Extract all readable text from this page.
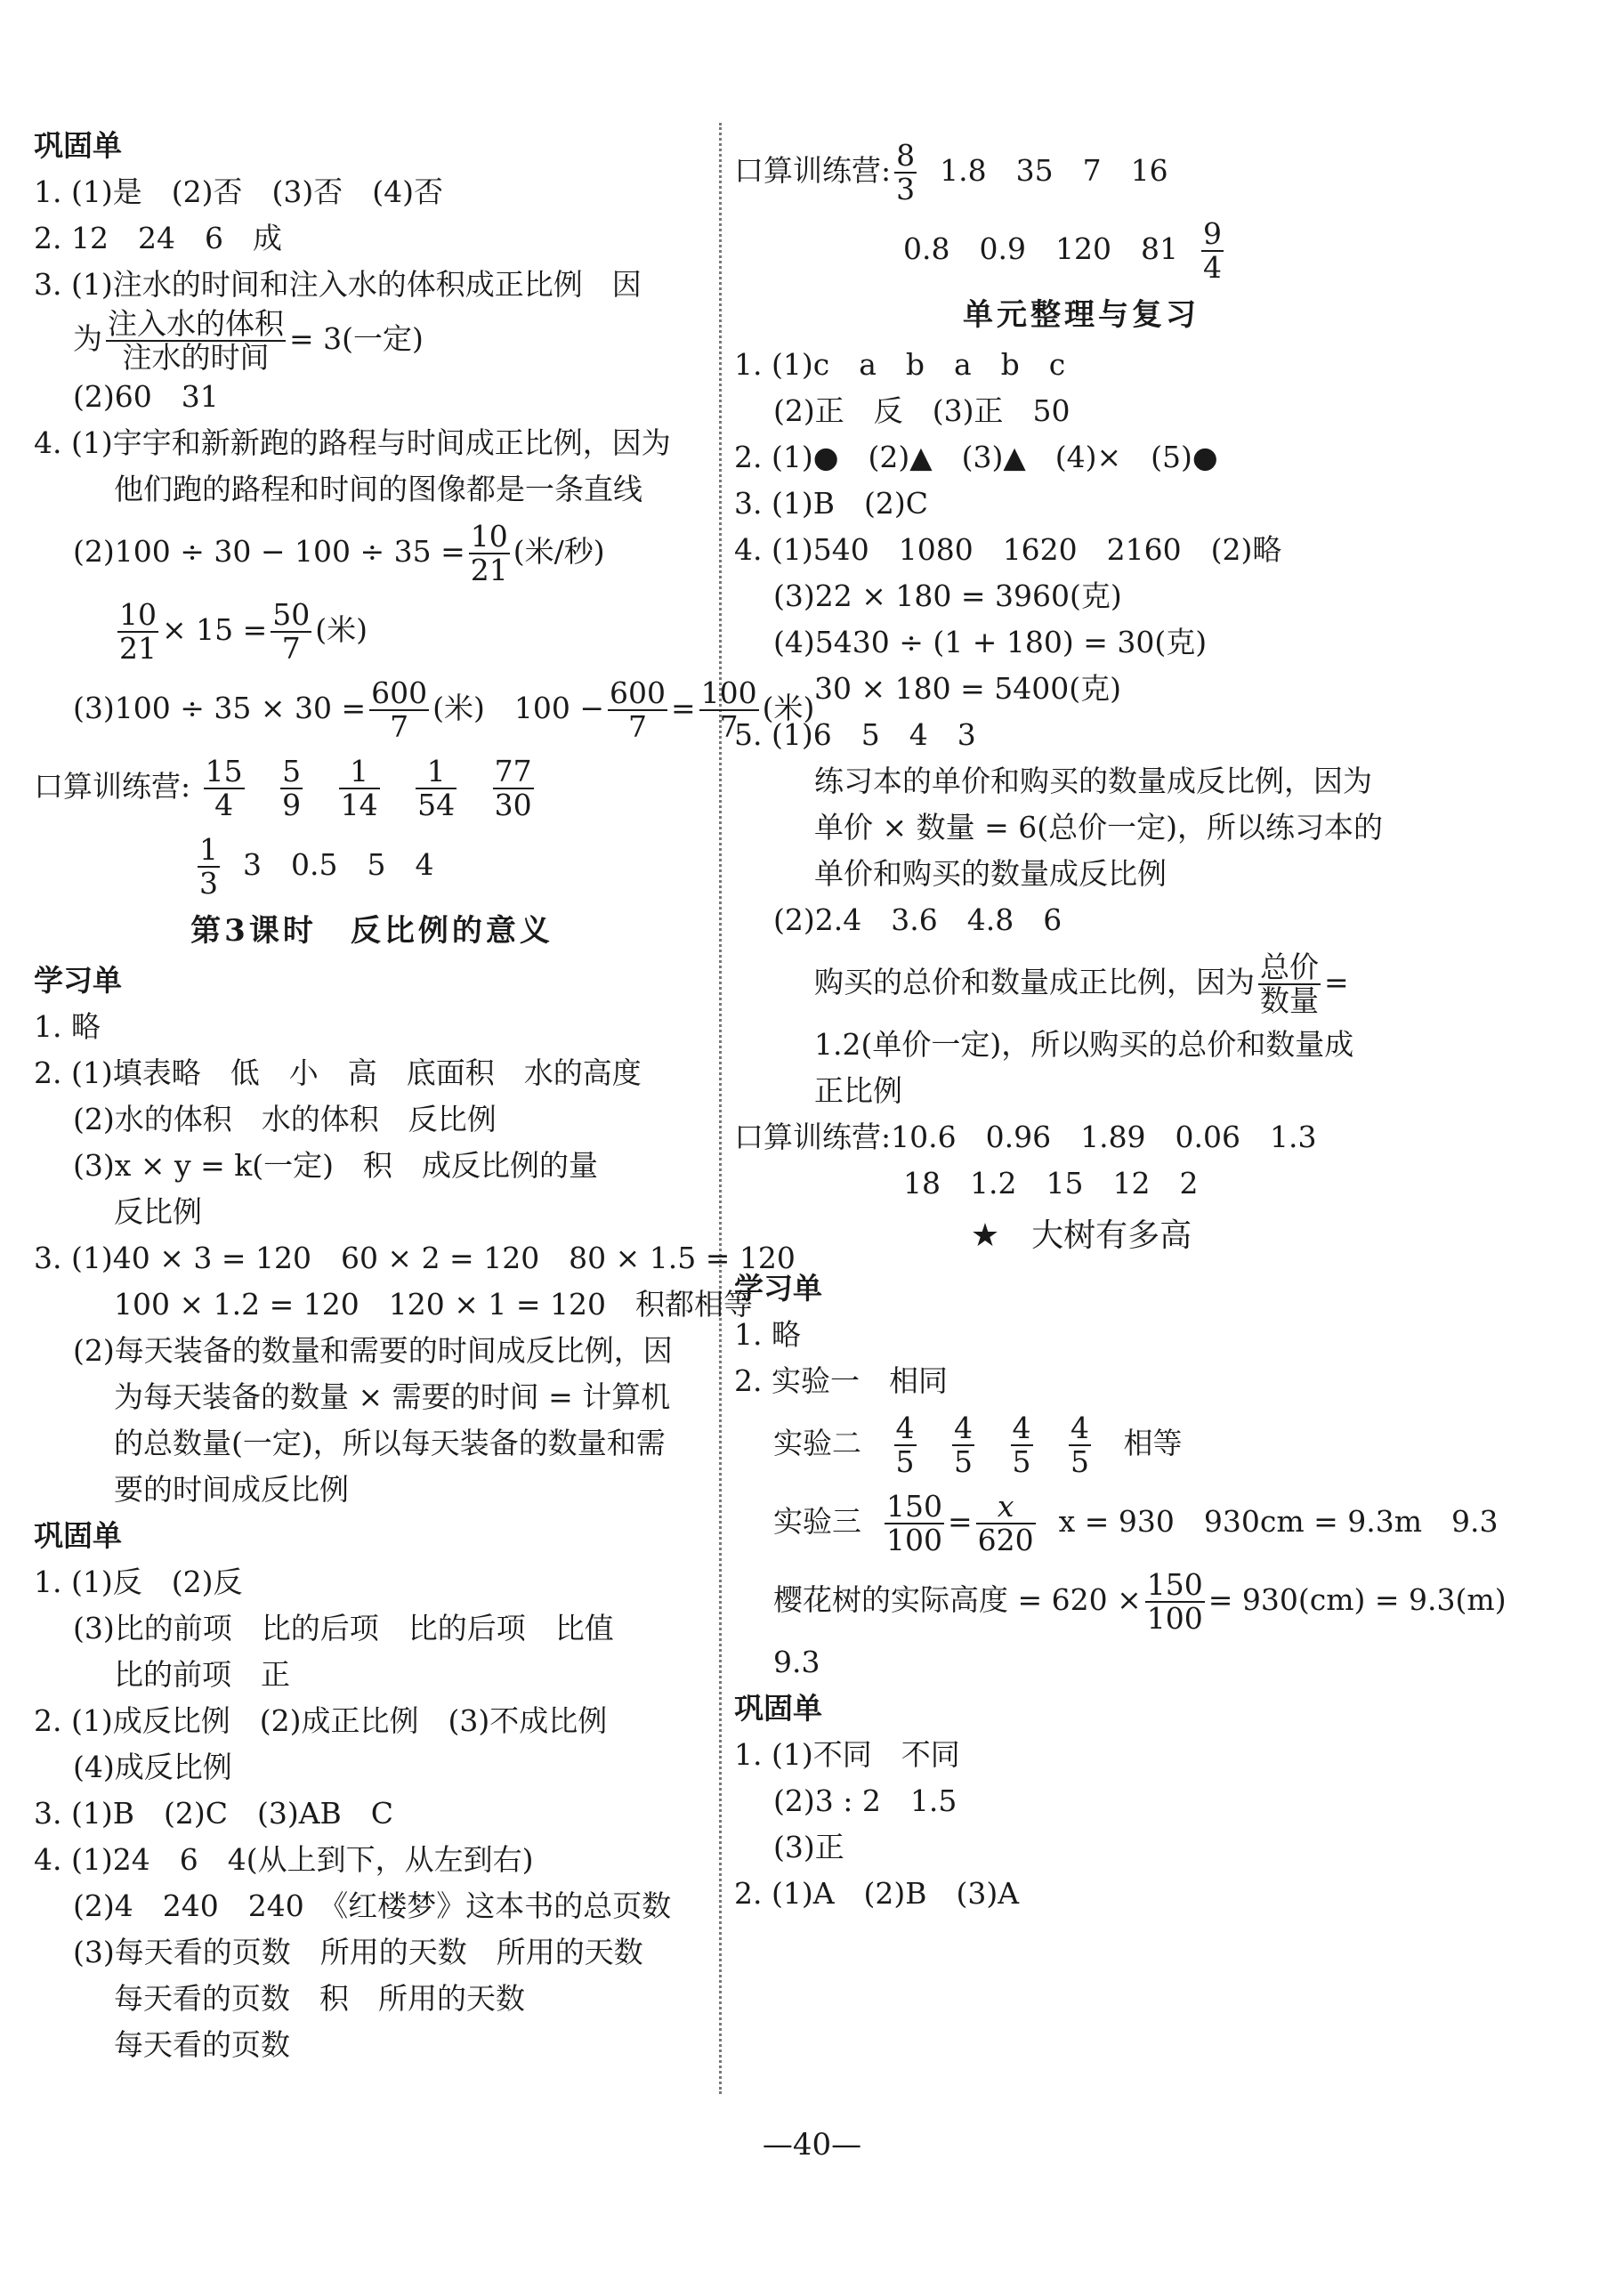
巩固单
1. (1)是　(2)否　(3)否　(4)否
2. 12　24　6　成
3. (1)注水的时间和注入水的体积成正比例　因
为 $\frac{\text{注入水的体积}}{\text{注水的时间}} = 3$(一定)
(2)60　31
4. (1)宇宇和新新跑的路程与时间成正比例，因为
他们跑的路程和时间的图像都是一条直线
$(2)100 \div 30 - 100 \div 35 = \frac{10}{21}$ (米/秒)
$\frac{10}{21} \times 15 = \frac{50}{7}$ (米)
$(3)100 \div 35 \times 30 = \frac{600}{7}$ (米)　$100 - \frac{600}{7} = \frac{100}{7}$ (米)
口算训练营: $\frac{15}{4}$
$\frac{5}{9}$
$\frac{1}{14}$
$\frac{1}{54}$
$\frac{77}{30}$
$\frac{1}{3} 3$　0.5　5　4
第3课时　反比例的意义
学习单
1. 略
2. (1)填表略　低　小　高　底面积　水的高度
(2)水的体积　水的体积　反比例
(3)x × y = k(一定)　积　成反比例的量
反比例
3. (1)40 × 3 = 120　60 × 2 = 120　80 × 1.5 = 120
100 × 1.2 = 120　120 × 1 = 120　积都相等
(2)每天装备的数量和需要的时间成反比例，因
为每天装备的数量 × 需要的时间 = 计算机
的总数量(一定)，所以每天装备的数量和需
要的时间成反比例
巩固单
1. (1)反　(2)反
(3)比的前项　比的后项　比的后项　比值
比的前项　正
2. (1)成反比例　(2)成正比例　(3)不成比例
(4)成反比例
3. (1)B　(2)C　(3)AB　C
4. (1)24　6　4(从上到下，从左到右)
(2)4　240　240　《红楼梦》这本书的总页数
(3)每天看的页数　所用的天数　所用的天数
每天看的页数　积　所用的天数
每天看的页数
口算训练营: $\frac{8}{3} 1.8$　35　7　16
0.8　0.9　120　$81 \frac{9}{4}$
单元整理与复习
1. (1)c　a　b　a　b　c
(2)正　反　(3)正　50
2. (1)●　(2)▲　(3)▲　(4)×　(5)●
3. (1)B　(2)C
4. (1)540　1080　1620　2160　(2)略
(3)22 × 180 = 3960(克)
(4)5430 ÷ (1 + 180) = 30(克)
30 × 180 = 5400(克)
5. (1)6　5　4　3
练习本的单价和购买的数量成反比例，因为
单价 × 数量 = 6(总价一定)，所以练习本的
单价和购买的数量成反比例
(2)2.4　3.6　4.8　6
购买的总价和数量成正比例，因为 $\frac{\text{总价}}{\text{数量}}$ =
1.2(单价一定)，所以购买的总价和数量成
正比例
口算训练营:10.6　0.96　1.89　0.06　1.3
18　1.2　15　12　2
★　大树有多高
学习单
1. 略
2. 实验一　相同
实验二 $\frac{4}{5}$
$\frac{4}{5}$
$\frac{4}{5}$
$\frac{4}{5}$ 相等
实验三 $\frac{150}{100} = \frac{x}{620}$ x = 930　930cm = 9.3m　9.3
樱花树的实际高度 = $620 \times \frac{150}{100} = 930(cm) = 9.3(m)$
9.3
巩固单
1. (1)不同　不同
(2)3 : 2　1.5
(3)正
2. (1)A　(2)B　(3)A
—40—
